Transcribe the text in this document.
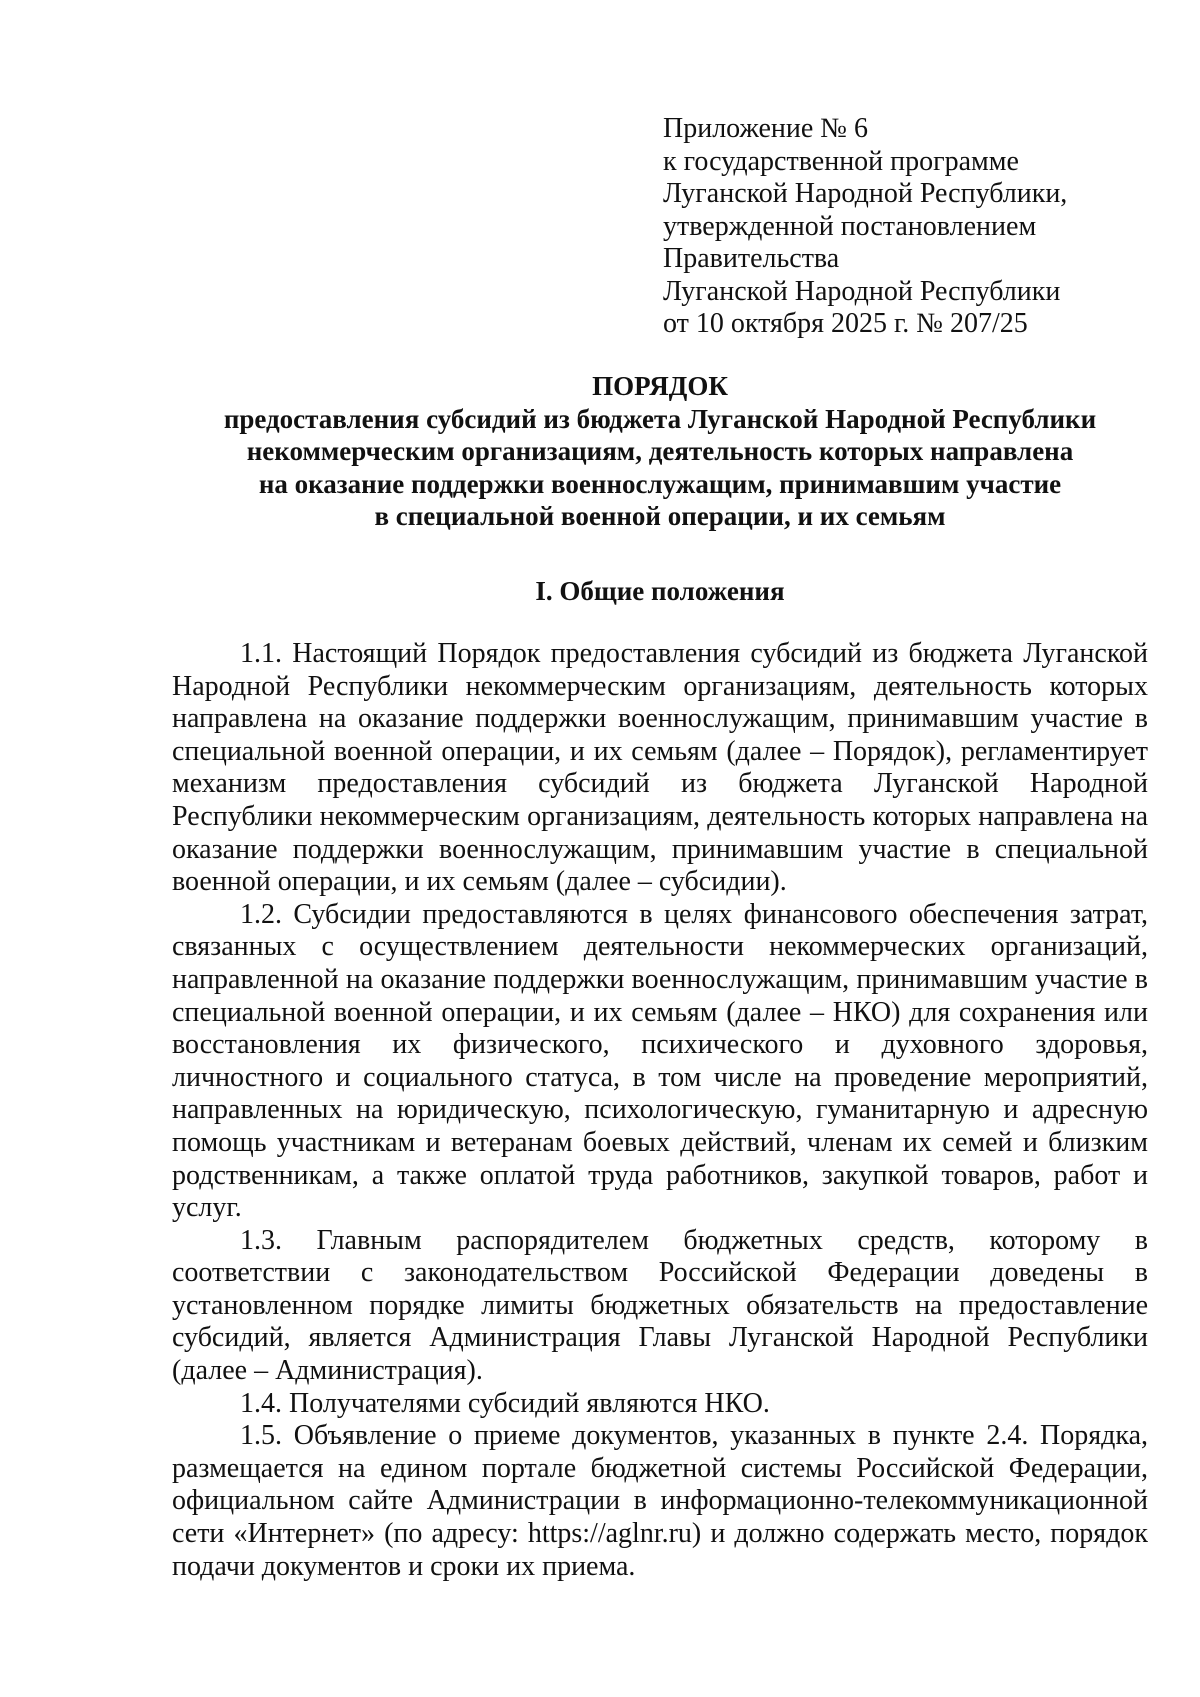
Приложение № 6
к государственной программе
Луганской Народной Республики,
утвержденной постановлением
Правительства
Луганской Народной Республики
от 10 октября 2025 г. № 207/25
ПОРЯДОК
предоставления субсидий из бюджета Луганской Народной Республики
некоммерческим организациям, деятельность которых направлена
на оказание поддержки военнослужащим, принимавшим участие
в специальной военной операции, и их семьям
I. Общие положения

1.1. Настоящий Порядок предоставления субсидий из бюджета Луганской Народной Республики некоммерческим организациям, деятельность которых направлена на оказание поддержки военнослужащим, принимавшим участие в специальной военной операции, и их семьям (далее – Порядок), регламентирует механизм предоставления субсидий из бюджета Луганской Народной Республики некоммерческим организациям, деятельность которых направлена на оказание поддержки военнослужащим, принимавшим участие в специальной военной операции, и их семьям (далее – субсидии).

1.2. Субсидии предоставляются в целях финансового обеспечения затрат, связанных с осуществлением деятельности некоммерческих организаций, направленной на оказание поддержки военнослужащим, принимавшим участие в специальной военной операции, и их семьям (далее – НКО) для сохранения или восстановления их физического, психического и духовного здоровья, личностного и социального статуса, в том числе на проведение мероприятий, направленных на юридическую, психологическую, гуманитарную и адресную помощь участникам и ветеранам боевых действий, членам их семей и близким родственникам, а также оплатой труда работников, закупкой товаров, работ и услуг.

1.3. Главным распорядителем бюджетных средств, которому в соответствии с законодательством Российской Федерации доведены в установленном порядке лимиты бюджетных обязательств на предоставление субсидий, является Администрация Главы Луганской Народной Республики (далее – Администрация).

1.4. Получателями субсидий являются НКО.

1.5. Объявление о приеме документов, указанных в пункте 2.4. Порядка, размещается на едином портале бюджетной системы Российской Федерации, официальном сайте Администрации в информационно-телекоммуникационной сети «Интернет» (по адресу: https://aglnr.ru) и должно содержать место, порядок подачи документов и сроки их приема.
